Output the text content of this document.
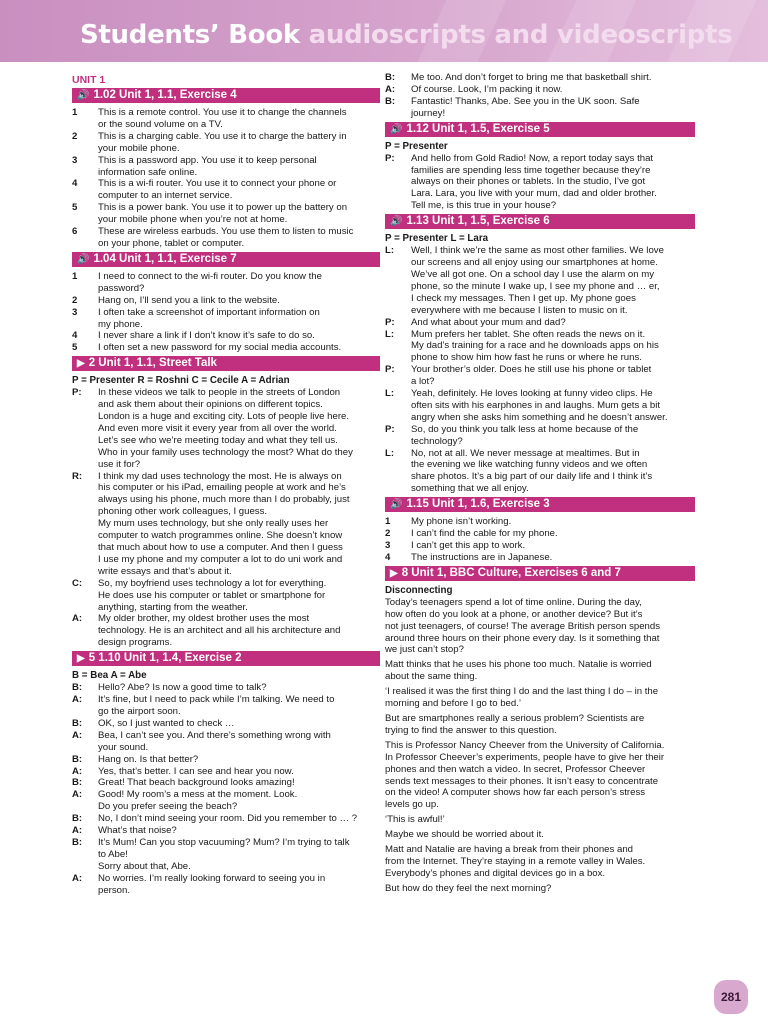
Students’ Book audioscripts and videoscripts
UNIT 1
🔊 1.02 Unit 1, 1.1, Exercise 4
1	This is a remote control. You use it to change the channels
or the sound volume on a TV.
2	This is a charging cable. You use it to charge the battery in
your mobile phone.
3	This is a password app. You use it to keep personal
information safe online.
4	This is a wi-fi router. You use it to connect your phone or
computer to an internet service.
5	This is a power bank. You use it to power up the battery on
your mobile phone when you’re not at home.
6	These are wireless earbuds. You use them to listen to music
on your phone, tablet or computer.
🔊 1.04 Unit 1, 1.1, Exercise 7
1	I need to connect to the wi-fi router. Do you know the
password?
2	Hang on, I’ll send you a link to the website.
3	I often take a screenshot of important information on
my phone.
4	I never share a link if I don’t know it’s safe to do so.
5	I often set a new password for my social media accounts.
▶ 2 Unit 1, 1.1, Street Talk
P = Presenter R = Roshni C = Cecile A = Adrian
P:	In these videos we talk to people in the streets of London
and ask them about their opinions on different topics.
London is a huge and exciting city. Lots of people live here.
And even more visit it every year from all over the world.
Let’s see who we’re meeting today and what they tell us.
Who in your family uses technology the most? What do they
use it for?
R:	I think my dad uses technology the most. He is always on
his computer or his iPad, emailing people at work and he’s
always using his phone, much more than I do probably, just
phoning other work colleagues, I guess.
My mum uses technology, but she only really uses her
computer to watch programmes online. She doesn’t know
that much about how to use a computer. And then I guess
I use my phone and my computer a lot to do uni work and
write essays and that’s about it.
C:	So, my boyfriend uses technology a lot for everything.
He does use his computer or tablet or smartphone for
anything, starting from the weather.
A:	My older brother, my oldest brother uses the most
technology. He is an architect and all his architecture and
design programs.
▶ 5 1.10 Unit 1, 1.4, Exercise 2
B = Bea A = Abe
B:	Hello? Abe? Is now a good time to talk?
A:	It’s fine, but I need to pack while I’m talking. We need to
go the airport soon.
B:	OK, so I just wanted to check …
A:	Bea, I can’t see you. And there’s something wrong with
your sound.
B:	Hang on. Is that better?
A:	Yes, that’s better. I can see and hear you now.
B:	Great! That beach background looks amazing!
A:	Good! My room’s a mess at the moment. Look.
Do you prefer seeing the beach?
B:	No, I don’t mind seeing your room. Did you remember to … ?
A:	What’s that noise?
B:	It’s Mum! Can you stop vacuuming? Mum? I’m trying to talk
to Abe!
Sorry about that, Abe.
A:	No worries. I’m really looking forward to seeing you in
person.
B:	Me too. And don’t forget to bring me that basketball shirt.
A:	Of course. Look, I’m packing it now.
B:	Fantastic! Thanks, Abe. See you in the UK soon. Safe
journey!
🔊 1.12 Unit 1, 1.5, Exercise 5
P = Presenter
P:	And hello from Gold Radio! Now, a report today says that
families are spending less time together because they’re
always on their phones or tablets. In the studio, I’ve got
Lara. Lara, you live with your mum, dad and older brother.
Tell me, is this true in your house?
🔊 1.13 Unit 1, 1.5, Exercise 6
P = Presenter L = Lara
L:	Well, I think we’re the same as most other families. We love
our screens and all enjoy using our smartphones at home.
We’ve all got one. On a school day I use the alarm on my
phone, so the minute I wake up, I see my phone and … er,
I check my messages. Then I get up. My phone goes
everywhere with me because I listen to music on it.
P:	And what about your mum and dad?
L:	Mum prefers her tablet. She often reads the news on it.
My dad’s training for a race and he downloads apps on his
phone to show him how fast he runs or where he runs.
P:	Your brother’s older. Does he still use his phone or tablet
a lot?
L:	Yeah, definitely. He loves looking at funny video clips. He
often sits with his earphones in and laughs. Mum gets a bit
angry when she asks him something and he doesn’t answer.
P:	So, do you think you talk less at home because of the
technology?
L:	No, not at all. We never message at mealtimes. But in
the evening we like watching funny videos and we often
share photos. It’s a big part of our daily life and I think it’s
something that we all enjoy.
🔊 1.15 Unit 1, 1.6, Exercise 3
1	My phone isn’t working.
2	I can’t find the cable for my phone.
3	I can’t get this app to work.
4	The instructions are in Japanese.
▶ 8 Unit 1, BBC Culture, Exercises 6 and 7
Disconnecting
Today’s teenagers spend a lot of time online. During the day,
how often do you look at a phone, or another device? But it’s
not just teenagers, of course! The average British person spends
around three hours on their phone every day. Is it something that
we just can’t stop?
Matt thinks that he uses his phone too much. Natalie is worried
about the same thing.
‘I realised it was the first thing I do and the last thing I do – in the
morning and before I go to bed.’
But are smartphones really a serious problem? Scientists are
trying to find the answer to this question.
This is Professor Nancy Cheever from the University of California.
In Professor Cheever’s experiments, people have to give her their
phones and then watch a video. In secret, Professor Cheever
sends text messages to their phones. It isn’t easy to concentrate
on the video! A computer shows how far each person’s stress
levels go up.
‘This is awful!’
Maybe we should be worried about it.
Matt and Natalie are having a break from their phones and
from the Internet. They’re staying in a remote valley in Wales.
Everybody’s phones and digital devices go in a box.
But how do they feel the next morning?
281
